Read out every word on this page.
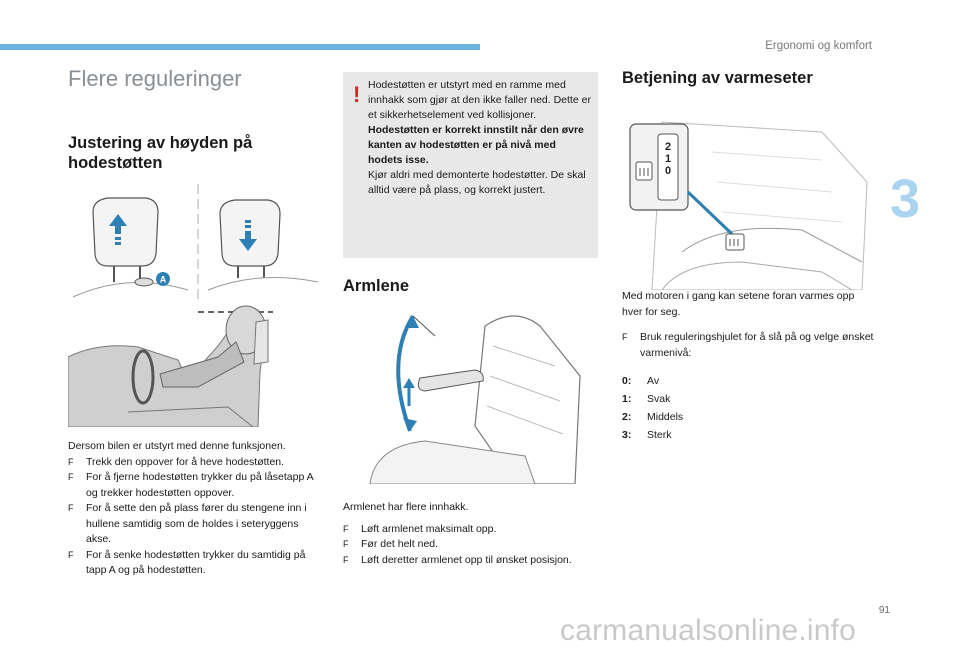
Ergonomi og komfort
3
Flere reguleringer
Justering av høyden på
hodestøtten
A
Dersom bilen er utstyrt med denne funksjonen.
F Trekk den oppover for å heve hodestøtten.
F For å fjerne hodestøtten trykker du på låsetapp A og trekker hodestøtten oppover.
F For å sette den på plass fører du stengene inn i hullene samtidig som de holdes i seteryggens akse.
F For å senke hodestøtten trykker du samtidig på tapp A og på hodestøtten.
! Hodestøtten er utstyrt med en ramme med innhakk som gjør at den ikke faller ned. Dette er et sikkerhetselement ved kollisjoner.
Hodestøtten er korrekt innstilt når den øvre kanten av hodestøtten er på nivå med hodets isse.
Kjør aldri med demonterte hodestøtter. De skal alltid være på plass, og korrekt justert.
Armlene
Armlenet har flere innhakk.
F Løft armlenet maksimalt opp.
F Før det helt ned.
F Løft deretter armlenet opp til ønsket posisjon.
Betjening av varmeseter
2
1
0
Med motoren i gang kan setene foran varmes opp hver for seg.
F Bruk reguleringshjulet for å slå på og velge ønsket varmenivå:
0: Av
1: Svak
2: Middels
3: Sterk
91
carmanualsonline.info
